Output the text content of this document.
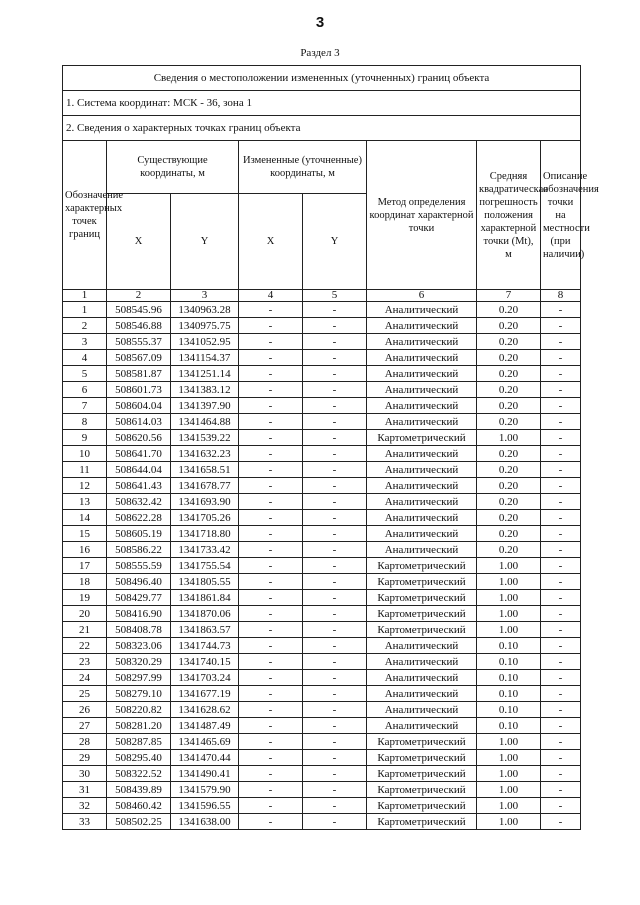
3
Раздел 3
Сведения о местоположении измененных (уточненных) границ объекта							
1. Система координат: МСК - 36, зона 1							
2. Сведения о характерных точках границ объекта							
Обозначение характерных точек границ	Существующие координаты, м		Измененные (уточненные) координаты, м		Метод определения координат характерной точки	Средняя квадратическая погрешность положения характерной точки (Mt), м	Описание обозначения точки на местности (при наличии)
	X	Y	X	Y			
1	2	3	4	5	6	7	8
1	508545.96	1340963.28	-	-	Аналитический	0.20	-
2	508546.88	1340975.75	-	-	Аналитический	0.20	-
3	508555.37	1341052.95	-	-	Аналитический	0.20	-
4	508567.09	1341154.37	-	-	Аналитический	0.20	-
5	508581.87	1341251.14	-	-	Аналитический	0.20	-
6	508601.73	1341383.12	-	-	Аналитический	0.20	-
7	508604.04	1341397.90	-	-	Аналитический	0.20	-
8	508614.03	1341464.88	-	-	Аналитический	0.20	-
9	508620.56	1341539.22	-	-	Картометрический	1.00	-
10	508641.70	1341632.23	-	-	Аналитический	0.20	-
11	508644.04	1341658.51	-	-	Аналитический	0.20	-
12	508641.43	1341678.77	-	-	Аналитический	0.20	-
13	508632.42	1341693.90	-	-	Аналитический	0.20	-
14	508622.28	1341705.26	-	-	Аналитический	0.20	-
15	508605.19	1341718.80	-	-	Аналитический	0.20	-
16	508586.22	1341733.42	-	-	Аналитический	0.20	-
17	508555.59	1341755.54	-	-	Картометрический	1.00	-
18	508496.40	1341805.55	-	-	Картометрический	1.00	-
19	508429.77	1341861.84	-	-	Картометрический	1.00	-
20	508416.90	1341870.06	-	-	Картометрический	1.00	-
21	508408.78	1341863.57	-	-	Картометрический	1.00	-
22	508323.06	1341744.73	-	-	Аналитический	0.10	-
23	508320.29	1341740.15	-	-	Аналитический	0.10	-
24	508297.99	1341703.24	-	-	Аналитический	0.10	-
25	508279.10	1341677.19	-	-	Аналитический	0.10	-
26	508220.82	1341628.62	-	-	Аналитический	0.10	-
27	508281.20	1341487.49	-	-	Аналитический	0.10	-
28	508287.85	1341465.69	-	-	Картометрический	1.00	-
29	508295.40	1341470.44	-	-	Картометрический	1.00	-
30	508322.52	1341490.41	-	-	Картометрический	1.00	-
31	508439.89	1341579.90	-	-	Картометрический	1.00	-
32	508460.42	1341596.55	-	-	Картометрический	1.00	-
33	508502.25	1341638.00	-	-	Картометрический	1.00	-
